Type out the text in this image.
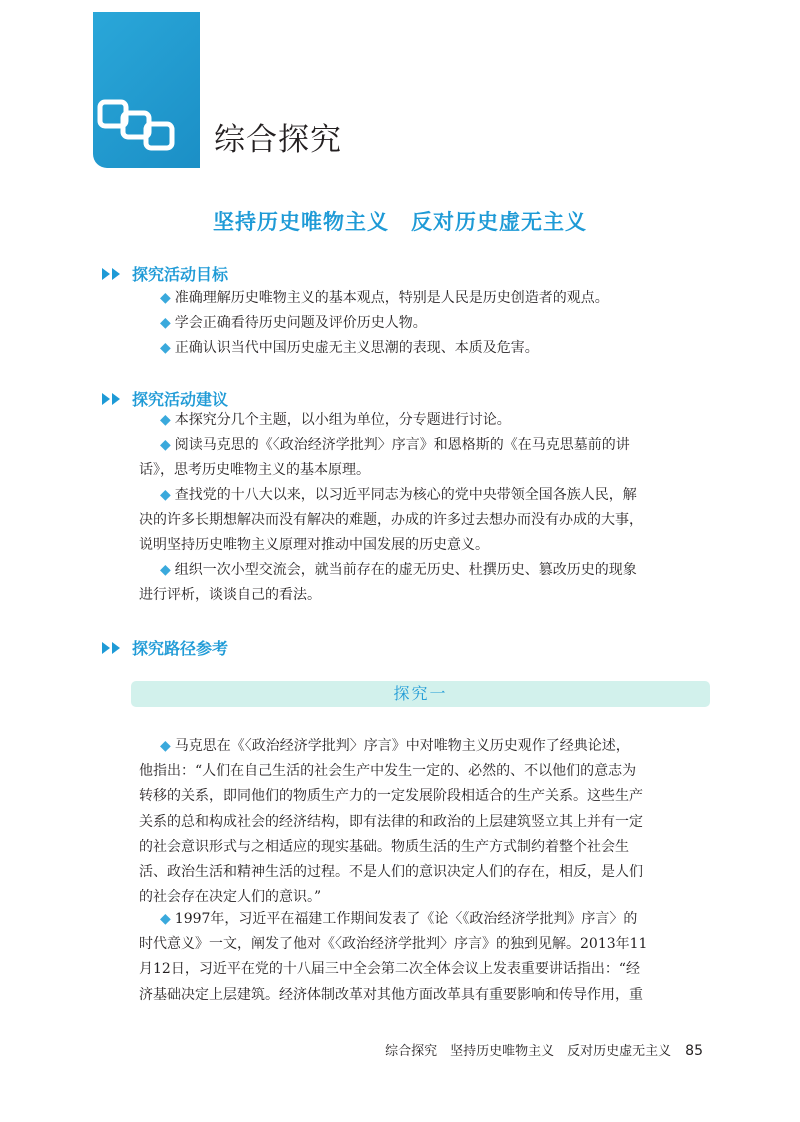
综合探究
坚持历史唯物主义 反对历史虚无主义
探究活动目标
◆ 准确理解历史唯物主义的基本观点，特别是人民是历史创造者的观点。
◆ 学会正确看待历史问题及评价历史人物。
◆ 正确认识当代中国历史虚无主义思潮的表现、本质及危害。
探究活动建议
◆ 本探究分几个主题，以小组为单位，分专题进行讨论。
◆ 阅读马克思的《〈政治经济学批判〉序言》和恩格斯的《在马克思墓前的讲
话》，思考历史唯物主义的基本原理。
◆ 查找党的十八大以来，以习近平同志为核心的党中央带领全国各族人民，解
决的许多长期想解决而没有解决的难题，办成的许多过去想办而没有办成的大事，
说明坚持历史唯物主义原理对推动中国发展的历史意义。
◆ 组织一次小型交流会，就当前存在的虚无历史、杜撰历史、篡改历史的现象
进行评析，谈谈自己的看法。
探究路径参考
探究一
◆ 马克思在《〈政治经济学批判〉序言》中对唯物主义历史观作了经典论述，
他指出：“人们在自己生活的社会生产中发生一定的、必然的、不以他们的意志为
转移的关系，即同他们的物质生产力的一定发展阶段相适合的生产关系。这些生产
关系的总和构成社会的经济结构，即有法律的和政治的上层建筑竖立其上并有一定
的社会意识形式与之相适应的现实基础。物质生活的生产方式制约着整个社会生
活、政治生活和精神生活的过程。不是人们的意识决定人们的存在，相反，是人们
的社会存在决定人们的意识。”
◆ 1997年，习近平在福建工作期间发表了《论〈《政治经济学批判》序言〉的
时代意义》一文，阐发了他对《〈政治经济学批判〉序言》的独到见解。2013年11
月12日，习近平在党的十八届三中全会第二次全体会议上发表重要讲话指出：“经
济基础决定上层建筑。经济体制改革对其他方面改革具有重要影响和传导作用，重
综合探究　坚持历史唯物主义　反对历史虚无主义 85
